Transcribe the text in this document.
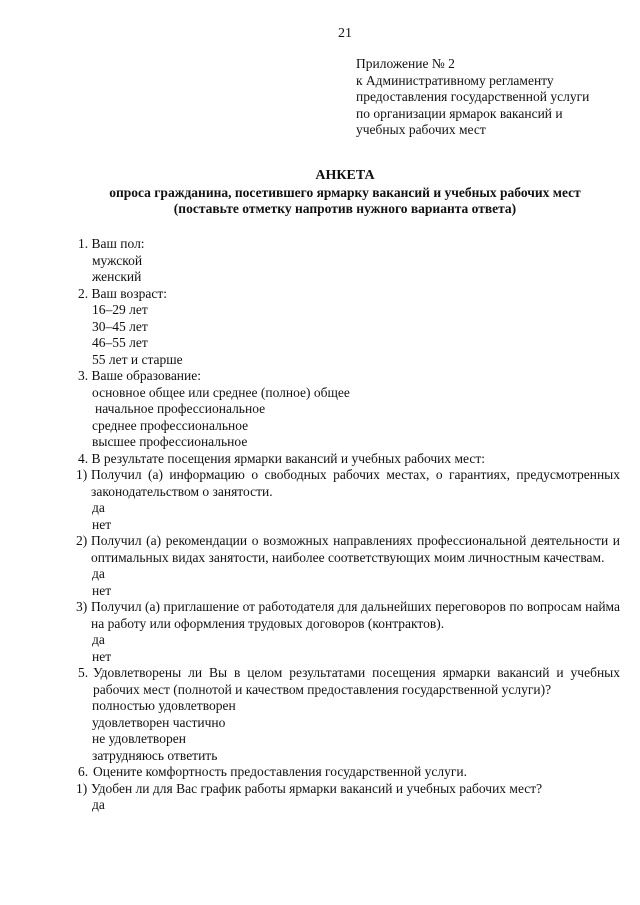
21
Приложение № 2
к Административному регламенту
предоставления государственной услуги
по организации ярмарок вакансий и
учебных рабочих мест
АНКЕТА
опроса гражданина, посетившего ярмарку вакансий и учебных рабочих мест
(поставьте отметку напротив нужного варианта ответа)

1. Ваш пол:

мужской

женский

2. Ваш возраст:

16–29 лет

30–45 лет

46–55 лет

55 лет и старше

3. Ваше образование:

основное общее или среднее (полное) общее

начальное профессиональное

среднее профессиональное

высшее профессиональное

4. В результате посещения ярмарки вакансий и учебных рабочих мест:

1) Получил (а) информацию о свободных рабочих местах, о гарантиях, предусмотренных законодательством о занятости.

да

нет

2) Получил (а) рекомендации о возможных направлениях профессиональной деятельности и оптимальных видах занятости, наиболее соответствующих моим личностным качествам.

да

нет

3) Получил (а) приглашение от работодателя для дальнейших переговоров по вопросам найма на работу или оформления трудовых договоров (контрактов).

да

нет

5. Удовлетворены ли Вы в целом результатами посещения ярмарки вакансий и учебных рабочих мест (полнотой и качеством предоставления государственной услуги)?

полностью удовлетворен

удовлетворен частично

не удовлетворен

затрудняюсь ответить

6. Оцените комфортность предоставления государственной услуги.
1) Удобен ли для Вас график работы ярмарки вакансий и учебных рабочих мест?

да
